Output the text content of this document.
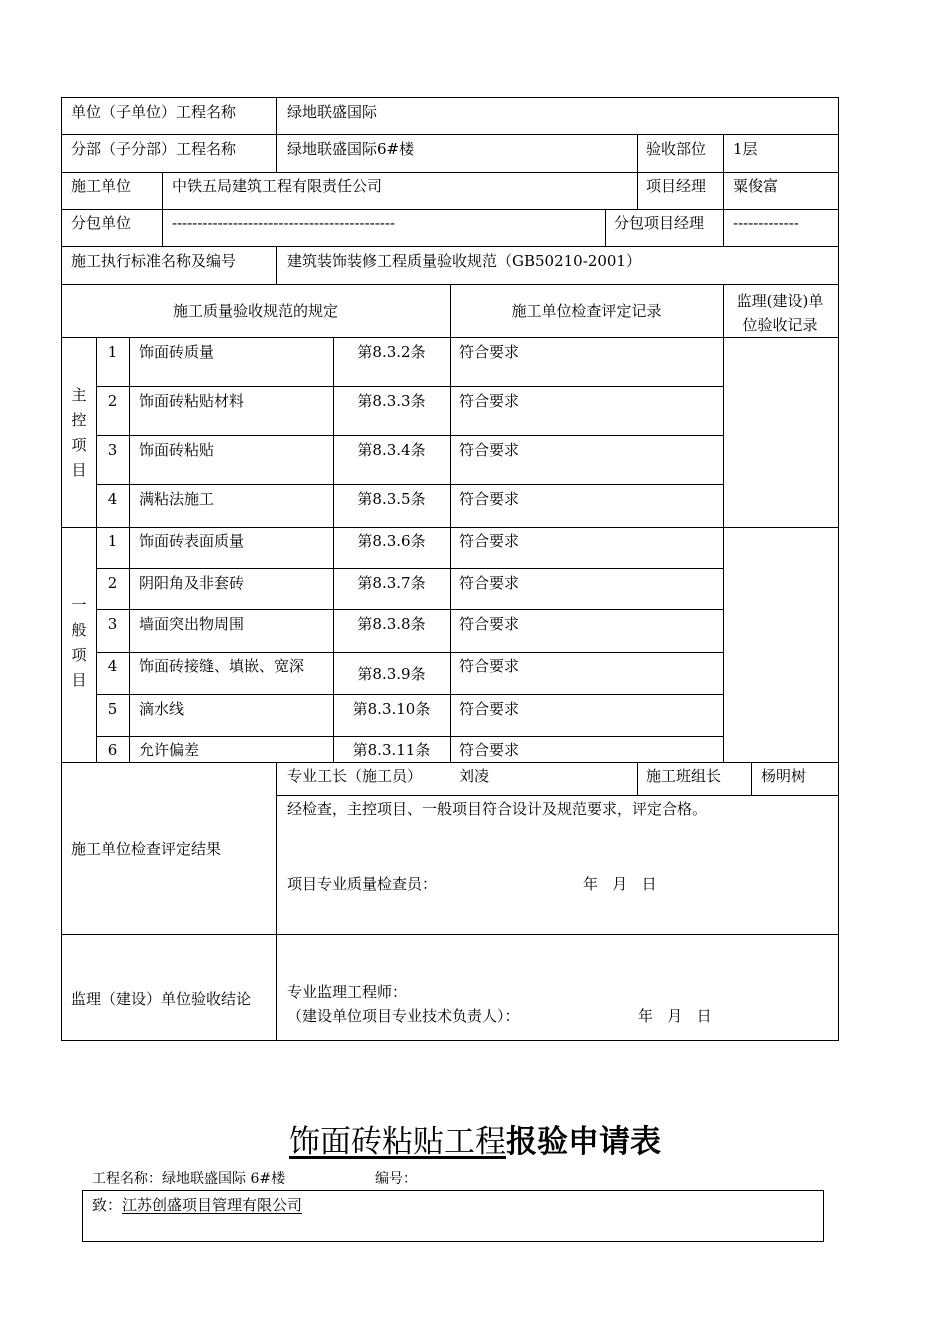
单位（子单位）工程名称	绿地联盛国际
分部（子分部）工程名称	绿地联盛国际6#楼	验收部位 1层
施工单位	中铁五局建筑工程有限责任公司	项目经理 粟俊富
分包单位	--------------------------------------------	分包项目经理 -------------
施工执行标准名称及编号	建筑装饰装修工程质量验收规范（GB50210-2001）
施工质量验收规范的规定	施工单位检查评定记录
监理(建设)单位验收记录
主控项目
1	饰面砖质量	第8.3.2条	符合要求
2	饰面砖粘贴材料	第8.3.3条	符合要求
3	饰面砖粘贴	第8.3.4条	符合要求
4	满粘法施工	第8.3.5条	符合要求
一般项目
1	饰面砖表面质量	第8.3.6条	符合要求
2	阴阳角及非套砖	第8.3.7条	符合要求
3	墙面突出物周围	第8.3.8条	符合要求
4	饰面砖接缝、填嵌、宽深	第8.3.9条	符合要求
5	滴水线	第8.3.10条	符合要求
6	允许偏差	第8.3.11条	符合要求
施工单位检查评定结果
专业工长（施工员） 刘凌	施工班组长	杨明树
经检查，主控项目、一般项目符合设计及规范要求，评定合格。
项目专业质量检查员：	年   月   日
监理（建设）单位验收结论 专业监理工程师：
（建设单位项目专业技术负责人）：	年   月   日
饰面砖粘贴工程报验申请表
工程名称：绿地联盛国际 6#楼	编号：
致：江苏创盛项目管理有限公司
